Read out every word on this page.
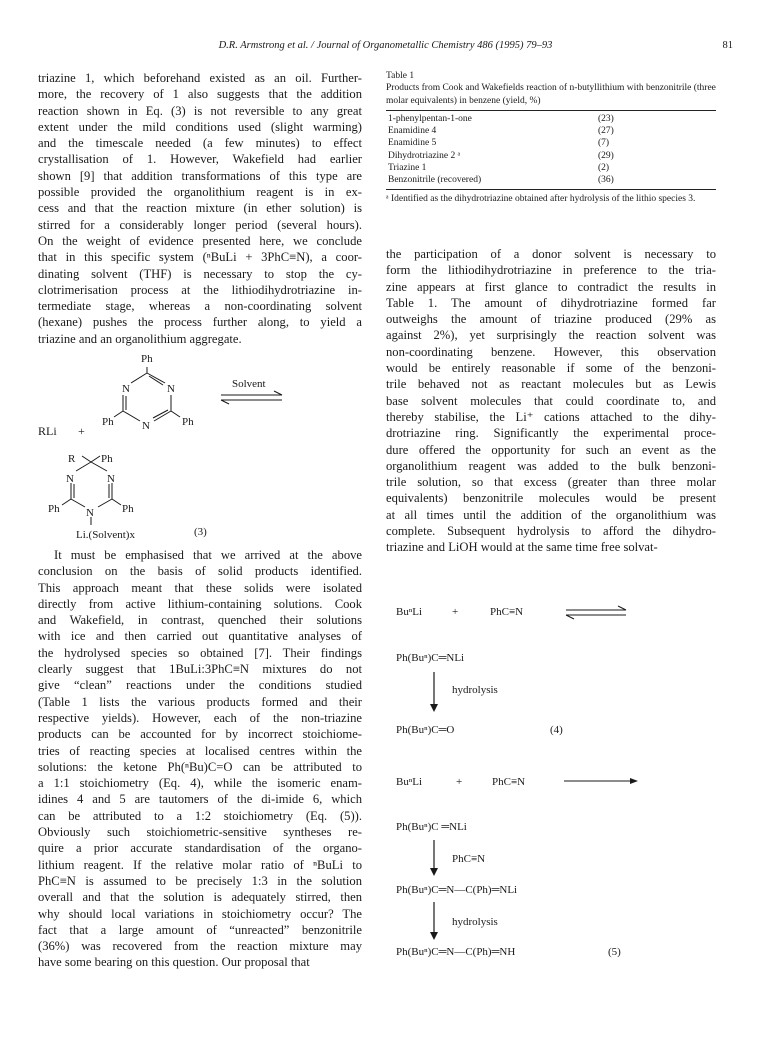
D.R. Armstrong et al. / Journal of Organometallic Chemistry 486 (1995) 79–93	81
triazine 1, which beforehand existed as an oil. Further-
more, the recovery of 1 also suggests that the addition
reaction shown in Eq. (3) is not reversible to any great
extent under the mild conditions used (slight warming)
and the timescale needed (a few minutes) to effect
crystallisation of 1. However, Wakefield had earlier
shown [9] that addition transformations of this type are
possible provided the organolithium reagent is in ex-
cess and that the reaction mixture (in ether solution) is
stirred for a considerably longer period (several hours).
On the weight of evidence presented here, we conclude
that in this specific system (ⁿBuLi + 3PhC≡N), a coor-
dinating solvent (THF) is necessary to stop the cy-
clotrimerisation process at the lithiodihydrotriazine in-
termediate stage, whereas a non-coordinating solvent
(hexane) pushes the process further along, to yield a
triazine and an organolithium aggregate.
RLi +
Ph
N	N
N
Ph	Ph
Solvent
R Ph
N	N
N
Ph	Ph
Li.(Solvent)x	(3)
It must be emphasised that we arrived at the above
conclusion on the basis of solid products identified.
This approach meant that these solids were isolated
directly from active lithium-containing solutions. Cook
and Wakefield, in contrast, quenched their solutions
with ice and then carried out quantitative analyses of
the hydrolysed species so obtained [7]. Their findings
clearly suggest that 1BuLi:3PhC≡N mixtures do not
give “clean” reactions under the conditions studied
(Table 1 lists the various products formed and their
respective yields). However, each of the non-triazine
products can be accounted for by incorrect stoichiome-
tries of reacting species at localised centres within the
solutions: the ketone Ph(ⁿBu)C=O can be attributed to
a 1:1 stoichiometry (Eq. 4), while the isomeric enam-
idines 4 and 5 are tautomers of the di-imide 6, which
can be attributed to a 1:2 stoichiometry (Eq. (5)).
Obviously such stoichiometric-sensitive syntheses re-
quire a prior accurate standardisation of the organo-
lithium reagent. If the relative molar ratio of ⁿBuLi to
PhC≡N is assumed to be precisely 1:3 in the solution
overall and that the solution is adequately stirred, then
why should local variations in stoichiometry occur? The
fact that a large amount of “unreacted” benzonitrile
(36%) was recovered from the reaction mixture may
have some bearing on this question. Our proposal that

Table 1

Products from Cook and Wakefields reaction of n-butyllithium with benzonitrile (three molar equivalents) in benzene (yield, %)

1-phenylpentan-1-one	(23)
Enamidine 4	(27)
Enamidine 5	(7)
Dihydrotriazine 2 ᵃ	(29)
Triazine 1	(2)
Benzonitrile (recovered)	(36)

ᵃ Identified as the dihydrotriazine obtained after hydrolysis of the lithio species 3.

the participation of a donor solvent is necessary to
form the lithiodihydrotriazine in preference to the tria-
zine appears at first glance to contradict the results in
Table 1. The amount of dihydrotriazine formed far
outweighs the amount of triazine produced (29% as
against 2%), yet surprisingly the reaction solvent was
non-coordinating benzene. However, this observation
would be entirely reasonable if some of the benzoni-
trile behaved not as reactant molecules but as Lewis
base solvent molecules that could coordinate to, and
thereby stabilise, the Li⁺ cations attached to the dihy-
drotriazine ring. Significantly the experimental proce-
dure offered the opportunity for such an event as the
organolithium reagent was added to the bulk benzoni-
trile solution, so that excess (greater than three molar
equivalents) benzonitrile molecules would be present
at all times until the addition of the organolithium was
complete. Subsequent hydrolysis to afford the dihydro-
triazine and LiOH would at the same time free solvat-
BuⁿLi	+	PhC≡N
Ph(Buⁿ)C═NLi
hydrolysis
Ph(Buⁿ)C═O	(4)
BuⁿLi	+	PhC≡N
Ph(Buⁿ)C ═NLi
PhC≡N
Ph(Buⁿ)C═N—C(Ph)═NLi
hydrolysis
Ph(Buⁿ)C═N—C(Ph)═NH	(5)
